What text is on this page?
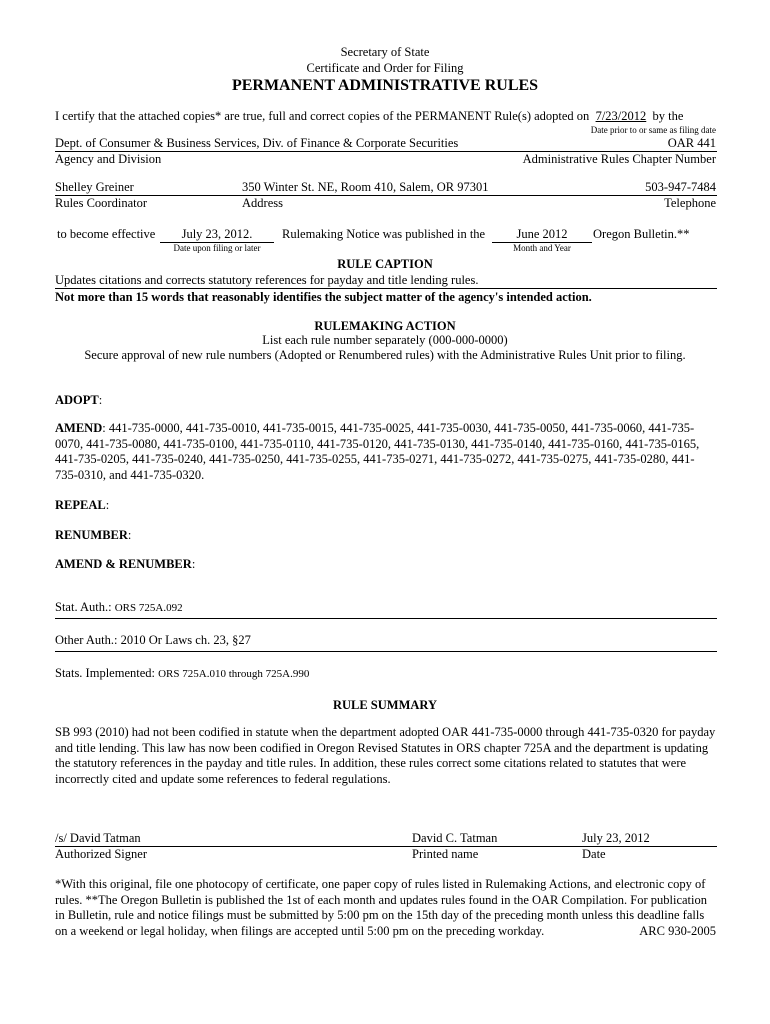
Secretary of State
Certificate and Order for Filing
PERMANENT ADMINISTRATIVE RULES
I certify that the attached copies* are true, full and correct copies of the PERMANENT Rule(s) adopted on 7/23/2012 by the
Date prior to or same as filing date
Dept. of Consumer & Business Services, Div. of Finance & Corporate Securities	OAR 441
Agency and Division	Administrative Rules Chapter Number
Shelley Greiner	350 Winter St. NE, Room 410, Salem, OR 97301	503-947-7484
Rules Coordinator	Address	Telephone
to become effective	July 23, 2012.
Date upon filing or later
Rulemaking Notice was published in the	June 2012
Month and Year
Oregon Bulletin.**
RULE CAPTION
Updates citations and corrects statutory references for payday and title lending rules.
Not more than 15 words that reasonably identifies the subject matter of the agency's intended action.
RULEMAKING ACTION
List each rule number separately (000-000-0000)
Secure approval of new rule numbers (Adopted or Renumbered rules) with the Administrative Rules Unit prior to filing.
ADOPT:
AMEND: 441-735-0000, 441-735-0010, 441-735-0015, 441-735-0025, 441-735-0030, 441-735-0050, 441-735-0060, 441-735-0070, 441-735-0080, 441-735-0100, 441-735-0110, 441-735-0120, 441-735-0130, 441-735-0140, 441-735-0160, 441-735-0165, 441-735-0205, 441-735-0240, 441-735-0250, 441-735-0255, 441-735-0271, 441-735-0272, 441-735-0275, 441-735-0280, 441-735-0310, and 441-735-0320.
REPEAL:
RENUMBER:
AMEND & RENUMBER:
Stat. Auth.: ORS 725A.092
Other Auth.: 2010 Or Laws ch. 23, §27
Stats. Implemented: ORS 725A.010 through 725A.990
RULE SUMMARY
SB 993 (2010) had not been codified in statute when the department adopted OAR 441-735-0000 through 441-735-0320 for payday and title lending. This law has now been codified in Oregon Revised Statutes in ORS chapter 725A and the department is updating the statutory references in the payday and title rules. In addition, these rules correct some citations related to statutes that were incorrectly cited and update some references to federal regulations.
/s/ David Tatman	David C. Tatman	July 23, 2012
Authorized Signer	Printed name	Date
*With this original, file one photocopy of certificate, one paper copy of rules listed in Rulemaking Actions, and electronic copy of rules. **The Oregon Bulletin is published the 1st of each month and updates rules found in the OAR Compilation. For publication in Bulletin, rule and notice filings must be submitted by 5:00 pm on the 15th day of the preceding month unless this deadline falls on a weekend or legal holiday, when filings are accepted until 5:00 pm on the preceding workday.	ARC 930-2005
